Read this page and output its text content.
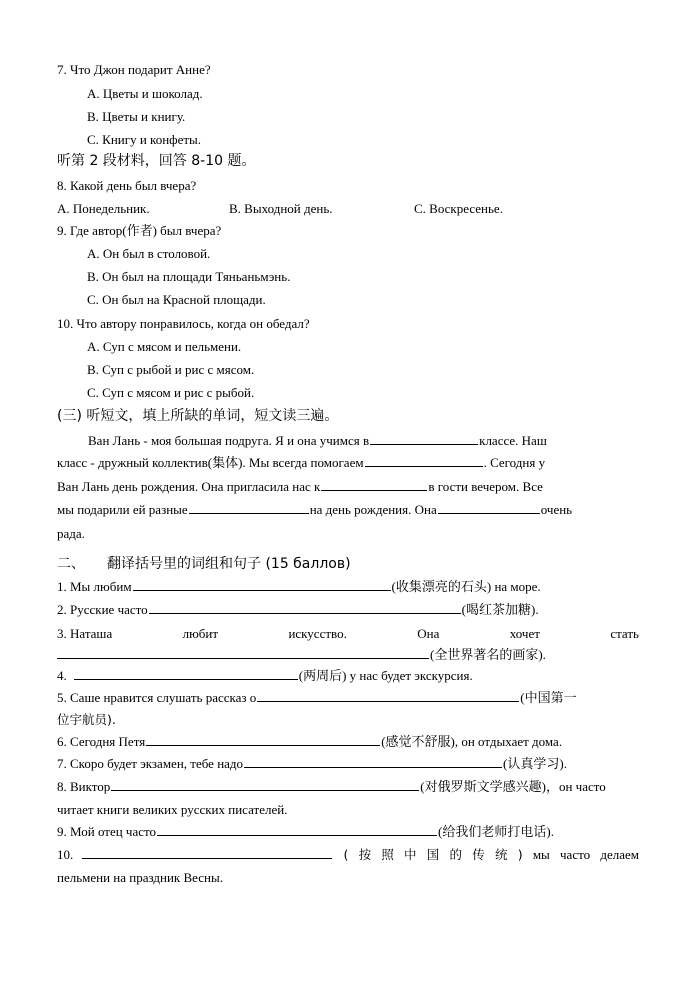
7. Что Джон подарит Анне?
A. Цветы и шоколад.
B. Цветы и книгу.
C. Книгу и конфеты.
听第 2 段材料，回答 8-10 题。
8. Какой день был вчера?
A. Понедельник.	B. Выходной день.	C. Воскресенье.
9. Где автор(作者) был вчера?
A. Он был в столовой.
B. Он был на площади Тяньаньмэнь.
C. Он был на Красной площади.
10. Что автору понравилось, когда он обедал?
A. Суп с мясом и пельмени.
B. Суп с рыбой и рис с мясом.
C. Суп с мясом и рис с рыбой.
(三) 听短文，填上所缺的单词，短文读三遍。
Ван Лань - моя большая подруга. Я и она учимся в	классе. Наш
класс - дружный коллектив(集体). Мы всегда помогаем	. Сегодня у
Ван Лань день рождения. Она пригласила нас к	в гости вечером. Все
мы подарили ей разные	на день рождения. Она	очень
рада.
二、 翻译括号里的词组和句子 (15 баллов)
1. Мы любим	(收集漂亮的石头) на море.
2. Русские часто	(喝红茶加糖).
3. Наташа	любит	искусство.	Она	хочет	стать
(全世界著名的画家).
4.	(两周后) у нас будет экскурсия.
5. Саше нравится слушать рассказ о	(中国第一
位宇航员).
6. Сегодня Петя	(感觉不舒服), он отдыхает дома.
7. Скоро будет экзамен, тебе надо	(认真学习).
8. Виктор	(对俄罗斯文学感兴趣)，он часто
читает книги великих русских писателей.
9. Мой отец часто	(给我们老师打电话).
10.	( 按 照 中 国 的 传 统 ) мы часто делаем
пельмени на праздник Весны.
